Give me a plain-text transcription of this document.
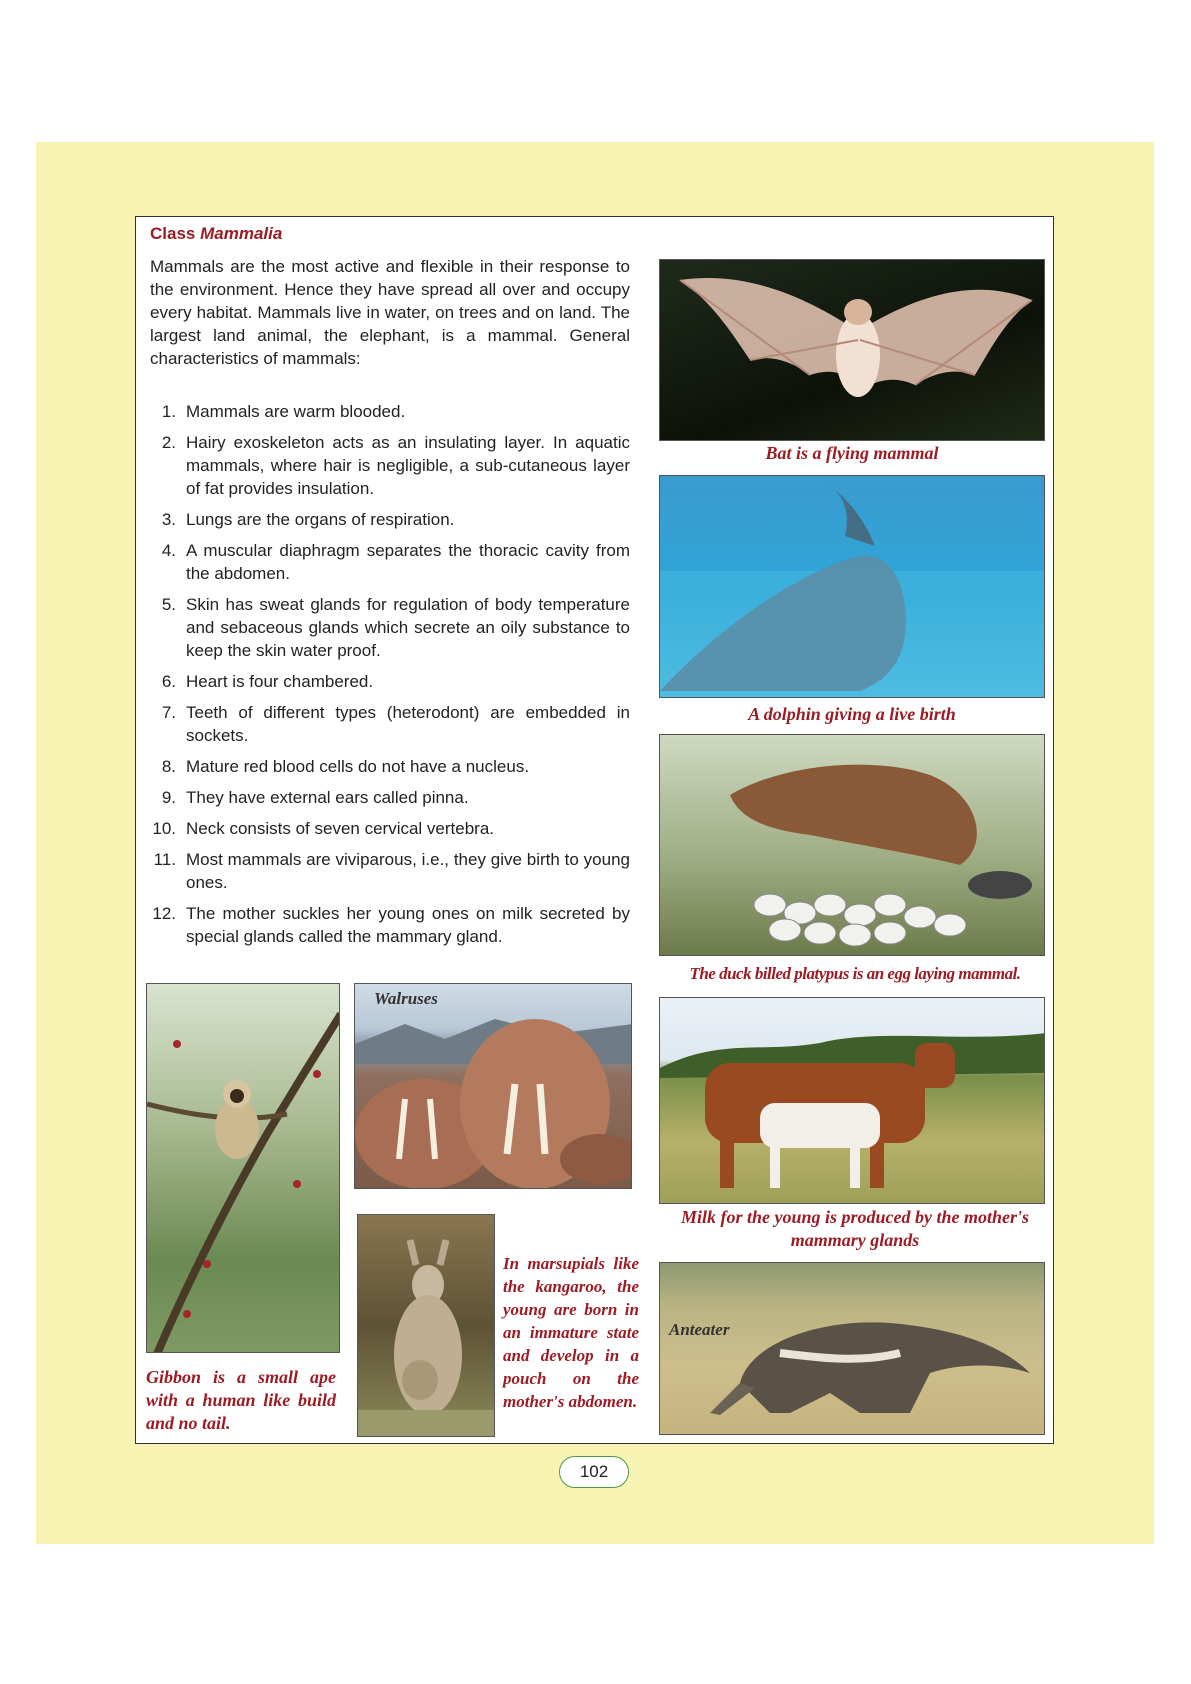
Class Mammalia

Mammals are the most active and flexible in their response to the environment. Hence they have spread all over and occupy every habitat. Mammals live in water, on trees and on land. The largest land animal, the elephant, is a mammal. General characteristics of mammals:

1. Mammals are warm blooded.
2. Hairy exoskeleton acts as an insulating layer. In aquatic mammals, where hair is negligible, a sub-cutaneous layer of fat provides insulation.
3. Lungs are the organs of respiration.
4. A muscular diaphragm separates the thoracic cavity from the abdomen.
5. Skin has sweat glands for regulation of body temperature and sebaceous glands which secrete an oily substance to keep the skin water proof.
6. Heart is four chambered.
7. Teeth of different types (heterodont) are embedded in sockets.
8. Mature red blood cells do not have a nucleus.
9. They have external ears called pinna.
10. Neck consists of seven cervical vertebra.
11. Most mammals are viviparous, i.e., they give birth to young ones.
12. The mother suckles her young ones on milk secreted by special glands called the mammary gland.
Bat is a flying mammal
A dolphin giving a live birth
The duck billed platypus is an egg laying mammal.
Milk for the young is produced by the mother's mammary glands
Anteater
Gibbon is a small ape with a human like build and no tail.
Walruses
In marsupials like the kangaroo, the young are born in an immature state and develop in a pouch on the mother's abdomen.
102
